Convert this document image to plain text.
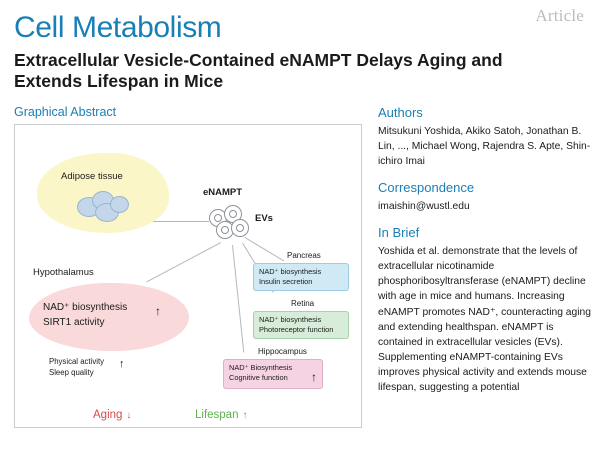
Article
Cell Metabolism
Extracellular Vesicle-Contained eNAMPT Delays Aging and Extends Lifespan in Mice
Graphical Abstract
Adipose tissue
eNAMPT
EVs
Pancreas
NAD⁺ biosynthesis
Insulin secretion
Retina
NAD⁺ biosynthesis
Photoreceptor function
Hippocampus
NAD⁺ Biosynthesis
Cognitive function	↑
Hypothalamus
NAD⁺ biosynthesis
SIRT1 activity
↑
Physical activity
Sleep quality
↑
Aging ↓	Lifespan ↑
Authors
Mitsukuni Yoshida, Akiko Satoh, Jonathan B. Lin, ..., Michael Wong, Rajendra S. Apte, Shin-ichiro Imai
Correspondence
imaishin@wustl.edu
In Brief
Yoshida et al. demonstrate that the levels of extracellular nicotinamide phosphoribosyltransferase (eNAMPT) decline with age in mice and humans. Increasing eNAMPT promotes NAD⁺, counteracting aging and extending healthspan. eNAMPT is contained in extracellular vesicles (EVs). Supplementing eNAMPT-containing EVs improves physical activity and extends mouse lifespan, suggesting a potential
